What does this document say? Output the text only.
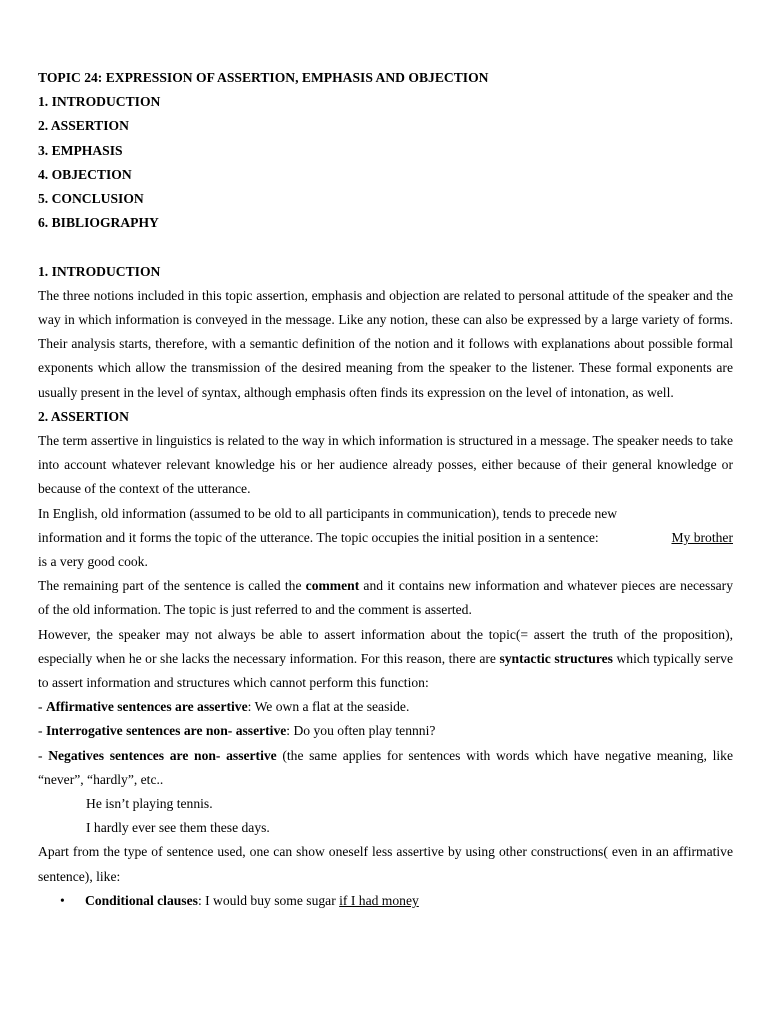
TOPIC 24: EXPRESSION OF ASSERTION, EMPHASIS AND OBJECTION

1. INTRODUCTION

2. ASSERTION

3. EMPHASIS

4. OBJECTION

5. CONCLUSION

6. BIBLIOGRAPHY

1. INTRODUCTION

The three notions included in this topic assertion, emphasis and objection are related to personal attitude of the speaker and the way in which information is conveyed in the message. Like any notion, these can also be expressed by a large variety of forms. Their analysis starts, therefore, with a semantic definition of the notion and it follows with explanations about possible formal exponents which allow the transmission of the desired meaning from the speaker to the listener. These formal exponents are usually present in the level of syntax, although emphasis often finds its expression on the level of intonation, as well.

2. ASSERTION

The term assertive in linguistics is related to the way in which information is structured in a message. The speaker needs to take into account whatever relevant knowledge his or her audience already posses, either because of their general knowledge or because of the context of the utterance.

In English, old information (assumed to be old to all participants in communication), tends to precede new

information and it forms the topic of the utterance. The topic occupies the initial position in a sentence:	My brother

is a very good cook.

The remaining part of the sentence is called the comment and it contains new information and whatever pieces are necessary of the old information. The topic is just referred to and the comment is asserted.

However, the speaker may not always be able to assert information about the topic(= assert the truth of the proposition), especially when he or she lacks the necessary information. For this reason, there are syntactic structures which typically serve to assert information and structures which cannot perform this function:

- Affirmative sentences are assertive: We own a flat at the seaside.

- Interrogative sentences are non- assertive: Do you often play tennni?

- Negatives sentences are non- assertive (the same applies for sentences with words which have negative meaning, like “never”, “hardly”, etc..

He isn’t playing tennis.

I hardly ever see them these days.

Apart from the type of sentence used, one can show oneself less assertive by using other constructions( even in an affirmative sentence), like:

• Conditional clauses: I would buy some sugar if I had money
